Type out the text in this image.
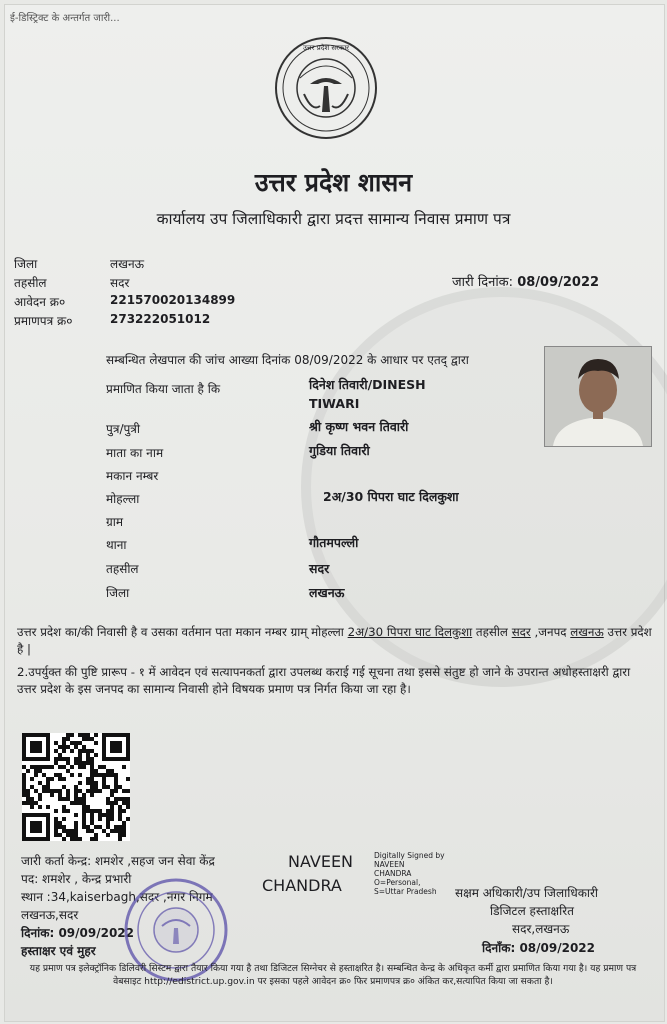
ई-डिस्ट्रिक्ट के अन्तर्गत जारी...
उत्तर प्रदेश सरकार
उत्तर प्रदेश शासन
कार्यालय उप जिलाधिकारी द्वारा प्रदत्त सामान्य निवास प्रमाण पत्र
जिला	लखनऊ
तहसील	सदर
आवेदन क्र०	221570020134899
प्रमाणपत्र क्र०	273222051012
जारी दिनांक: 08/09/2022
सम्बन्धित लेखपाल की जांच आख्या दिनांक 08/09/2022 के आधार पर एतद् द्वारा
प्रमाणित किया जाता है कि	दिनेश तिवारी/DINESH
TIWARI
पुत्र/पुत्री	श्री कृष्ण भवन तिवारी
माता का नाम	गुडिया तिवारी
मकान नम्बर
मोहल्ला	2अ/30 पिपरा घाट दिलकुशा
ग्राम
थाना	गौतमपल्ली
तहसील	सदर
जिला	लखनऊ
उत्तर प्रदेश का/की निवासी है व उसका वर्तमान पता मकान नम्बर ग्राम् मोहल्ला 2अ/30 पिपरा घाट दिलकुशा तहसील सदर ,जनपद लखनऊ उत्तर प्रदेश है |
2.उपर्युक्त की पुष्टि प्रारूप - १ में आवेदन एवं सत्यापनकर्ता द्वारा उपलब्ध कराई गई सूचना तथा इससे संतुष्ट हो जाने के उपरान्त अधोहस्ताक्षरी द्वारा उत्तर प्रदेश के इस जनपद का सामान्य निवासी होने विषयक प्रमाण पत्र निर्गत किया जा रहा है।
जारी कर्ता केन्द्र: शमशेर ,सहज जन सेवा केंद्र
पद: शमशेर , केन्द्र प्रभारी
स्थान :34,kaiserbagh,सदर ,नगर निगम
लखनऊ,सदर
दिनांक: 09/09/2022
हस्ताक्षर एवं मुहर
NAVEEN
CHANDRA
Digitally Signed by
NAVEEN
CHANDRA
O=Personal,
S=Uttar Pradesh	सक्षम अधिकारी/उप जिलाधिकारी
डिजिटल हस्ताक्षरित
सदर,लखनऊ
दिनाँक: 08/09/2022
यह प्रमाण पत्र इलेक्ट्रॉनिक डिलिवरी सिस्टम द्वारा तैयार किया गया है तथा डिजिटल सिग्नेचर से हस्ताक्षरित है। सम्बन्धित केन्द्र के अधिकृत कर्मी द्वारा प्रमाणित किया गया है। यह प्रमाण पत्र वेबसाइट http://edistrict.up.gov.in पर इसका पहले आवेदन क्र० फिर प्रमाणपत्र क्र० अंकित कर,सत्यापित किया जा सकता है।
